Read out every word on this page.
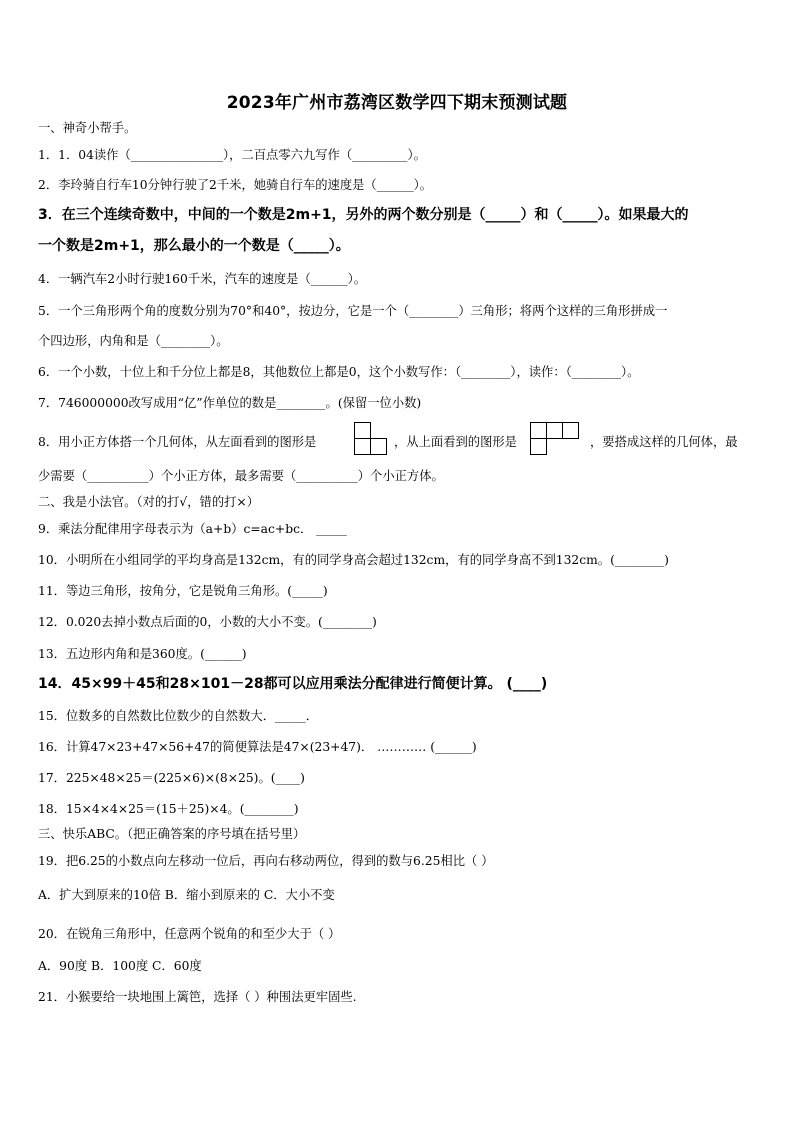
2023年广州市荔湾区数学四下期末预测试题
一、神奇小帮手。
1．1．04读作（_______________），二百点零六九写作（_________）。
2．李玲骑自行车10分钟行驶了2千米，她骑自行车的速度是（______）。
3．在三个连续奇数中，中间的一个数是2m+1，另外的两个数分别是（_____）和（_____）。如果最大的
一个数是2m+1，那么最小的一个数是（_____）。
4．一辆汽车2小时行驶160千米，汽车的速度是（______）。
5．一个三角形两个角的度数分别为70°和40°，按边分，它是一个（________）三角形；将两个这样的三角形拼成一
个四边形，内角和是（________）。
6．一个小数，十位上和千分位上都是8，其他数位上都是0，这个小数写作：（________），读作：（________）。
7．746000000改写成用“亿”作单位的数是________。(保留一位小数)
8．用小正方体搭一个几何体，从左面看到的图形是	，从上面看到的图形是	，要搭成这样的几何体，最
少需要（__________）个小正方体，最多需要（__________）个小正方体。
二、我是小法官。（对的打√，错的打×）
9．乘法分配律用字母表示为（a+b）c=ac+bc． _____
10．小明所在小组同学的平均身高是132cm，有的同学身高会超过132cm，有的同学身高不到132cm。(________)
11．等边三角形，按角分，它是锐角三角形。(_____)
12．0.020去掉小数点后面的0，小数的大小不变。(________)
13．五边形内角和是360度。(______)
14．45×99＋45和28×101－28都可以应用乘法分配律进行简便计算。 (____)
15．位数多的自然数比位数少的自然数大．_____．
16．计算47×23+47×56+47的简便算法是47×(23+47)． ………… (______)
17．225×48×25＝(225×6)×(8×25)。(____)
18．15×4×4×25＝(15＋25)×4。(________)
三、快乐ABC。（把正确答案的序号填在括号里）
19．把6.25的小数点向左移动一位后，再向右移动两位，得到的数与6.25相比（ ）
A．扩大到原来的10倍 B．缩小到原来的 C．大小不变
20．在锐角三角形中，任意两个锐角的和至少大于（ ）
A．90度 B．100度 C．60度
21．小猴要给一块地围上篱笆，选择（ ）种围法更牢固些.
